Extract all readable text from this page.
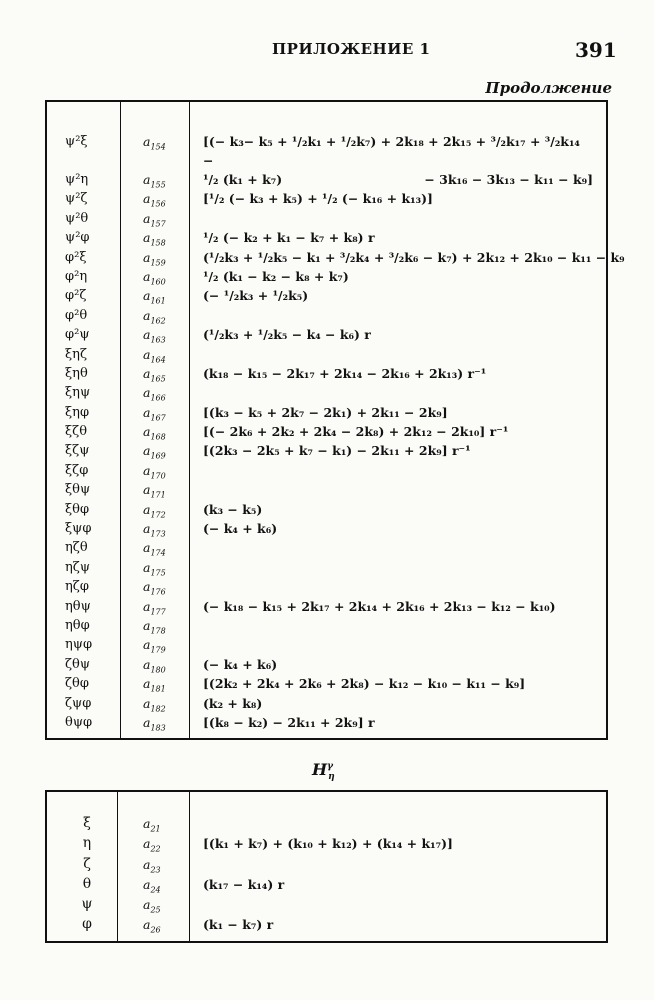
ПРИЛОЖЕНИЕ 1	391
Продолжение
ψ²ξ	$a_{154}$	[(− k₃− k₅ + ¹/₂k₁ + ¹/₂k₇) + 2k₁₈ + 2k₁₅ + ³/₂k₁₇ + ³/₂k₁₄ −
− 3k₁₆ − 3k₁₃ − k₁₁ − k₉]
ψ²η	$a_{155}$	¹/₂ (k₁ + k₇)
ψ²ζ	$a_{156}$	[¹/₂ (− k₃ + k₅) + ¹/₂ (− k₁₆ + k₁₃)]
ψ²θ	$a_{157}$
ψ²φ	$a_{158}$	¹/₂ (− k₂ + k₁ − k₇ + k₈) r
φ²ξ	$a_{159}$	(¹/₂k₃ + ¹/₂k₅ − k₁ + ³/₂k₄ + ³/₂k₆ − k₇) + 2k₁₂ + 2k₁₀ − k₁₁ − k₉
φ²η	$a_{160}$	¹/₂ (k₁ − k₂ − k₈ + k₇)
φ²ζ	$a_{161}$	(− ¹/₂k₃ + ¹/₂k₅)
φ²θ	$a_{162}$
φ²ψ	$a_{163}$	(¹/₂k₃ + ¹/₂k₅ − k₄ − k₆) r
ξηζ	$a_{164}$
ξηθ	$a_{165}$	(k₁₈ − k₁₅ − 2k₁₇ + 2k₁₄ − 2k₁₆ + 2k₁₃) r⁻¹
ξηψ	$a_{166}$
ξηφ	$a_{167}$	[(k₃ − k₅ + 2k₇ − 2k₁) + 2k₁₁ − 2k₉]
ξζθ	$a_{168}$	[(− 2k₆ + 2k₂ + 2k₄ − 2k₈) + 2k₁₂ − 2k₁₀] r⁻¹
ξζψ	$a_{169}$	[(2k₃ − 2k₅ + k₇ − k₁) − 2k₁₁ + 2k₉] r⁻¹
ξζφ	$a_{170}$
ξθψ	$a_{171}$
ξθφ	$a_{172}$	(k₃ − k₅)
ξψφ	$a_{173}$	(− k₄ + k₆)
ηζθ	$a_{174}$
ηζψ	$a_{175}$
ηζφ	$a_{176}$
ηθψ	$a_{177}$	(− k₁₈ − k₁₅ + 2k₁₇ + 2k₁₄ + 2k₁₆ + 2k₁₃ − k₁₂ − k₁₀)
ηθφ	$a_{178}$
ηψφ	$a_{179}$
ζθψ	$a_{180}$	(− k₄ + k₆)
ζθφ	$a_{181}$	[(2k₂ + 2k₄ + 2k₆ + 2k₈) − k₁₂ − k₁₀ − k₁₁ − k₉]
ζψφ	$a_{182}$	(k₂ + k₈)
θψφ	$a_{183}$	[(k₈ − k₂) − 2k₁₁ + 2k₉] r
$H^\gamma_\eta$
ξ	$a_{21}$
η	$a_{22}$	[(k₁ + k₇) + (k₁₀ + k₁₂) + (k₁₄ + k₁₇)]
ζ	$a_{23}$
θ	$a_{24}$	(k₁₇ − k₁₄) r
ψ	$a_{25}$
φ	$a_{26}$	(k₁ − k₇) r
